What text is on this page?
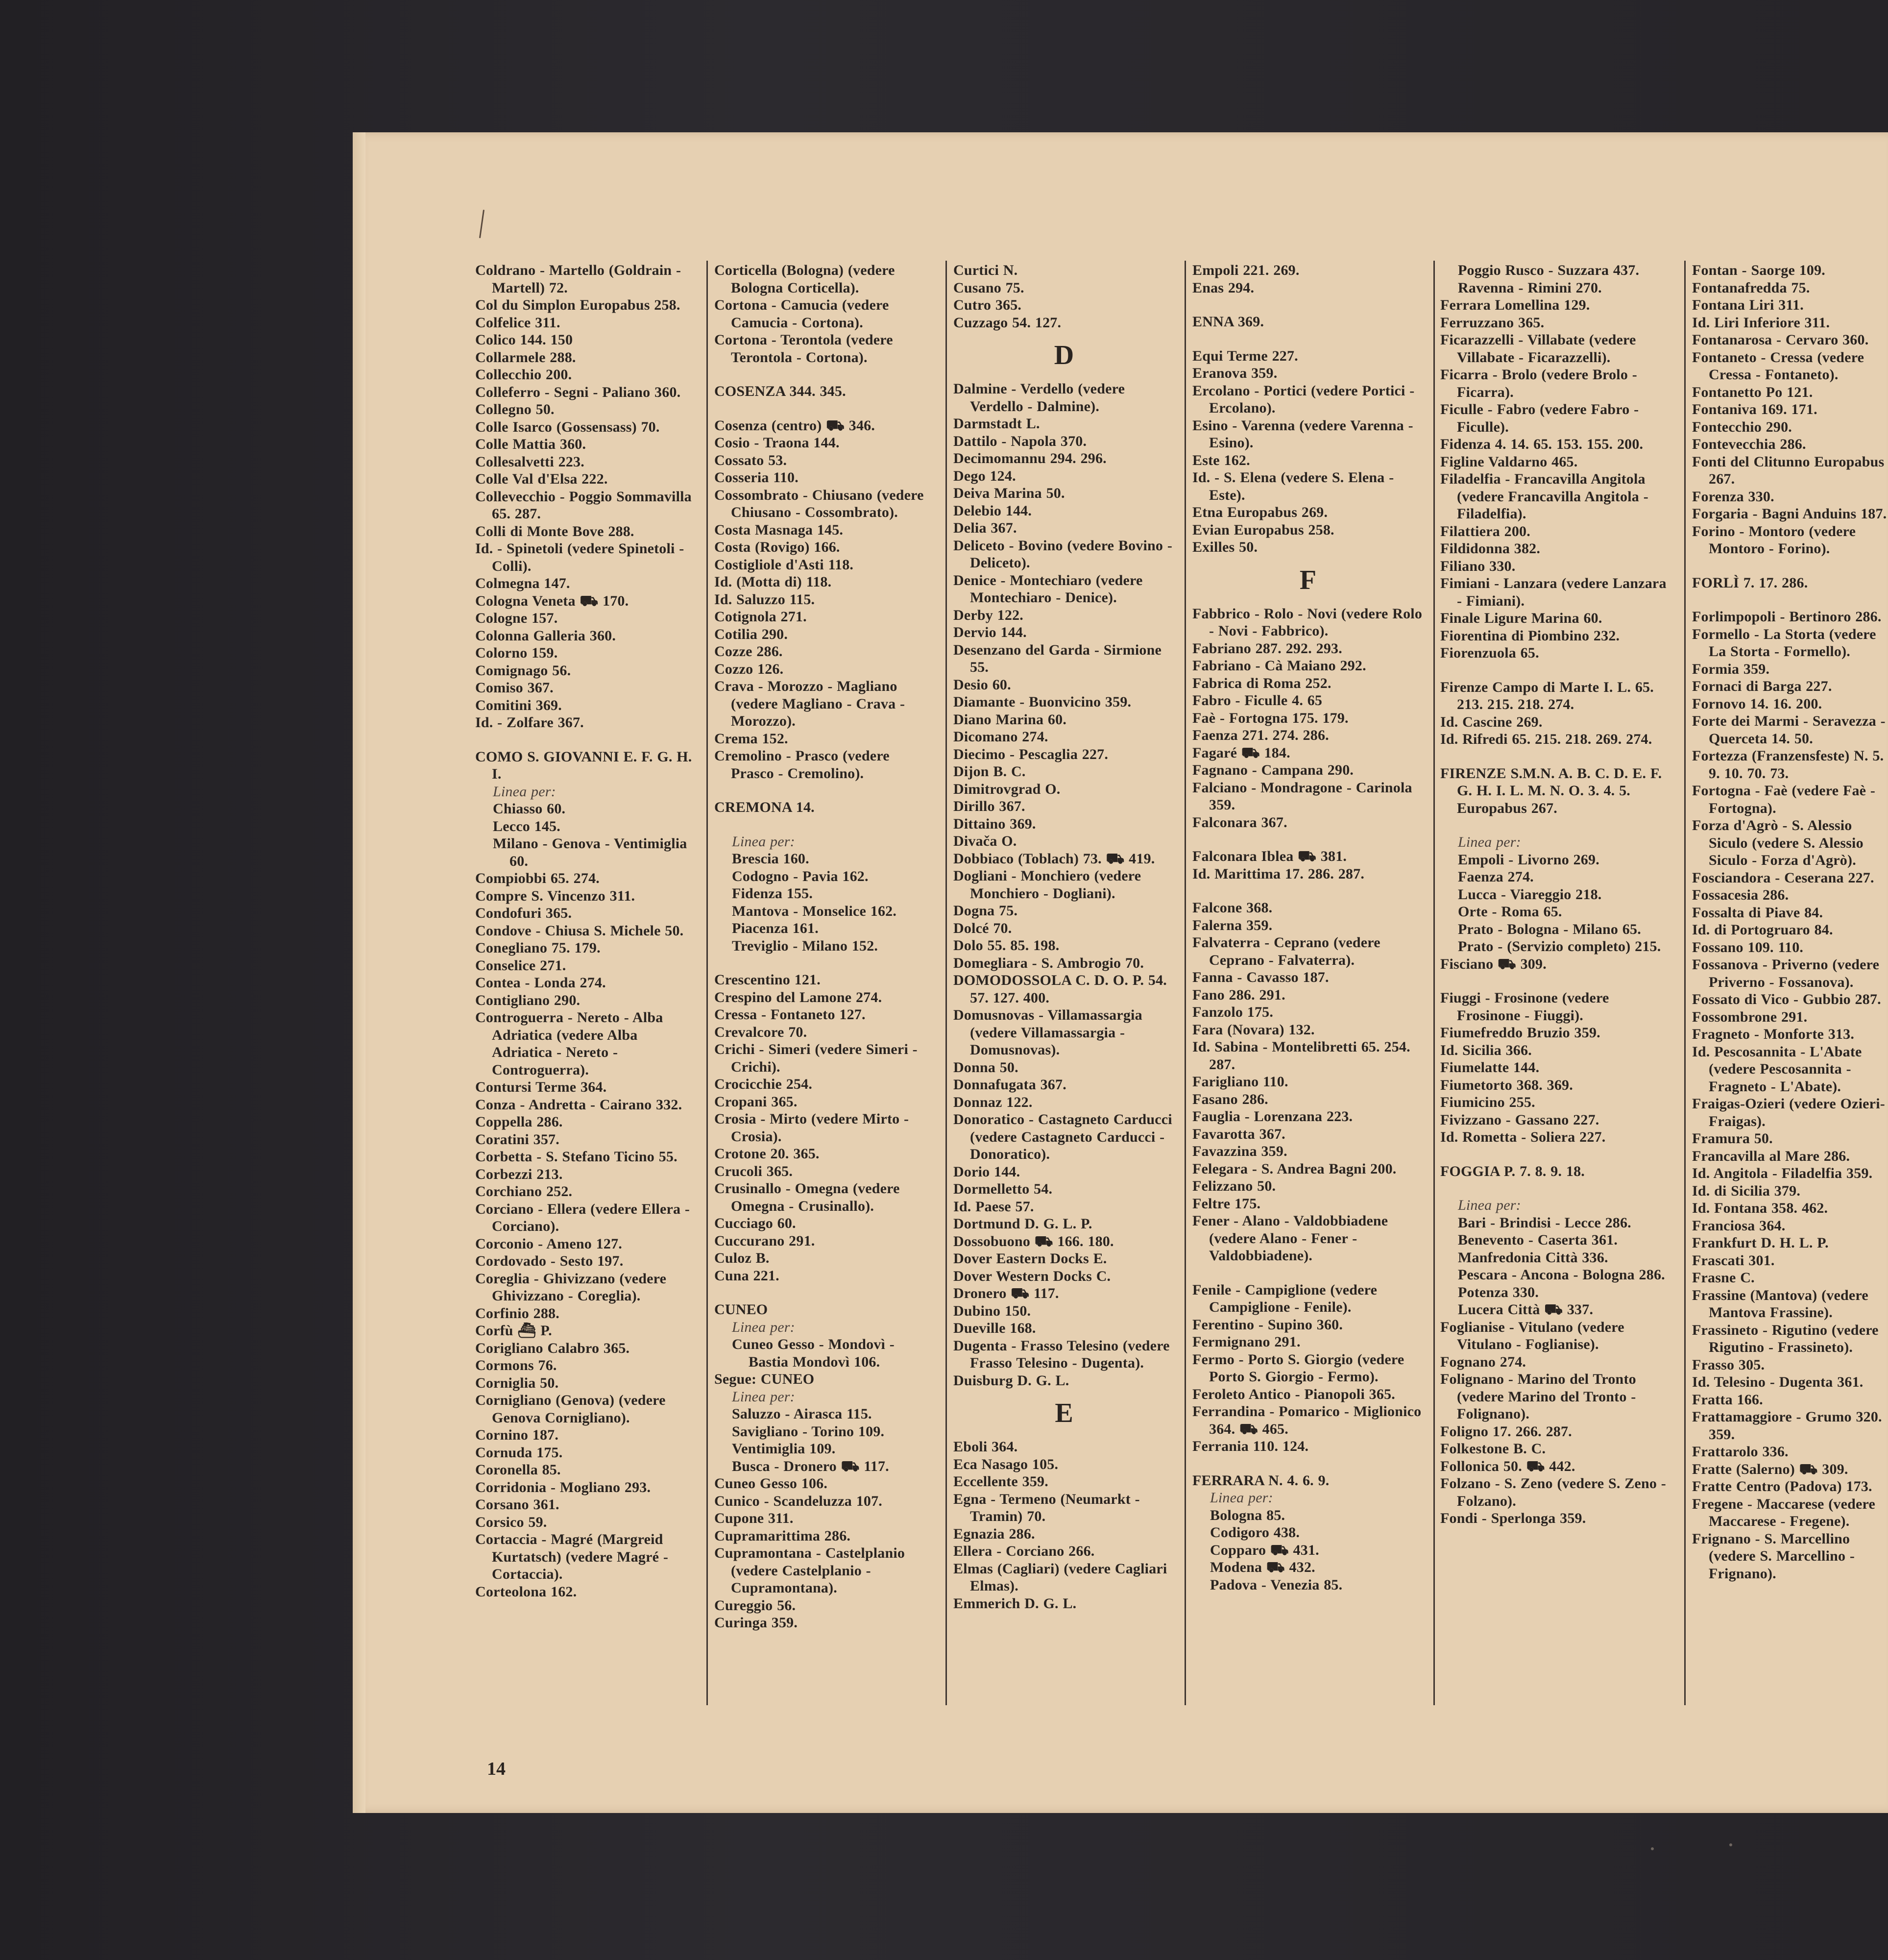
Coldrano - Martello (Goldrain - Martell) 72.
Col du Simplon Europabus 258.
Colfelice 311.
Colico 144. 150
Collarmele 288.
Collecchio 200.
Colleferro - Segni - Paliano 360.
Collegno 50.
Colle Isarco (Gossensass) 70.
Colle Mattia 360.
Collesalvetti 223.
Colle Val d'Elsa 222.
Collevecchio - Poggio Sommavilla 65. 287.
Colli di Monte Bove 288.
Id. - Spinetoli (vedere Spinetoli - Colli).
Colmegna 147.
Cologna Veneta ⛟ 170.
Cologne 157.
Colonna Galleria 360.
Colorno 159.
Comignago 56.
Comiso 367.
Comitini 369.
Id. - Zolfare 367.
COMO S. GIOVANNI E. F. G. H. I.
Linea per:
Chiasso 60.
Lecco 145.
Milano - Genova - Ventimiglia 60.
Compiobbi 65. 274.
Compre S. Vincenzo 311.
Condofuri 365.
Condove - Chiusa S. Michele 50.
Conegliano 75. 179.
Conselice 271.
Contea - Londa 274.
Contigliano 290.
Controguerra - Nereto - Alba Adriatica (vedere Alba Adriatica - Nereto - Controguerra).
Contursi Terme 364.
Conza - Andretta - Cairano 332.
Coppella 286.
Coratini 357.
Corbetta - S. Stefano Ticino 55.
Corbezzi 213.
Corchiano 252.
Corciano - Ellera (vedere Ellera - Corciano).
Corconio - Ameno 127.
Cordovado - Sesto 197.
Coreglia - Ghivizzano (vedere Ghivizzano - Coreglia).
Corfinio 288.
Corfù ⛴ P.
Corigliano Calabro 365.
Cormons 76.
Corniglia 50.
Cornigliano (Genova) (vedere Genova Cornigliano).
Cornino 187.
Cornuda 175.
Coronella 85.
Corridonia - Mogliano 293.
Corsano 361.
Corsico 59.
Cortaccia - Magré (Margreid Kurtatsch) (vedere Magré - Cortaccia).
Corteolona 162.
Corticella (Bologna) (vedere Bologna Corticella).
Cortona - Camucia (vedere Camucia - Cortona).
Cortona - Terontola (vedere Terontola - Cortona).
COSENZA 344. 345.
Cosenza (centro) ⛟ 346.
Cosio - Traona 144.
Cossato 53.
Cosseria 110.
Cossombrato - Chiusano (vedere Chiusano - Cossombrato).
Costa Masnaga 145.
Costa (Rovigo) 166.
Costigliole d'Asti 118.
Id. (Motta di) 118.
Id. Saluzzo 115.
Cotignola 271.
Cotilia 290.
Cozze 286.
Cozzo 126.
Crava - Morozzo - Magliano (vedere Magliano - Crava - Morozzo).
Crema 152.
Cremolino - Prasco (vedere Prasco - Cremolino).
CREMONA 14.
Linea per:
Brescia 160.
Codogno - Pavia 162.
Fidenza 155.
Mantova - Monselice 162.
Piacenza 161.
Treviglio - Milano 152.
Crescentino 121.
Crespino del Lamone 274.
Cressa - Fontaneto 127.
Crevalcore 70.
Crichi - Simeri (vedere Simeri - Crichi).
Crocicchie 254.
Cropani 365.
Crosia - Mirto (vedere Mirto - Crosia).
Crotone 20. 365.
Crucoli 365.
Crusinallo - Omegna (vedere Omegna - Crusinallo).
Cucciago 60.
Cuccurano 291.
Culoz B.
Cuna 221.
CUNEO
Linea per:
Cuneo Gesso - Mondovì - Bastia Mondovì 106.
Segue: CUNEO
Linea per:
Saluzzo - Airasca 115.
Savigliano - Torino 109.
Ventimiglia 109.
Busca - Dronero ⛟ 117.
Cuneo Gesso 106.
Cunico - Scandeluzza 107.
Cupone 311.
Cupramarittima 286.
Cupramontana - Castelplanio (vedere Castelplanio - Cupramontana).
Cureggio 56.
Curinga 359.
Curtici N.
Cusano 75.
Cutro 365.
Cuzzago 54. 127.
D
Dalmine - Verdello (vedere Verdello - Dalmine).
Darmstadt L.
Dattilo - Napola 370.
Decimomannu 294. 296.
Dego 124.
Deiva Marina 50.
Delebio 144.
Delia 367.
Deliceto - Bovino (vedere Bovino - Deliceto).
Denice - Montechiaro (vedere Montechiaro - Denice).
Derby 122.
Dervio 144.
Desenzano del Garda - Sirmione 55.
Desio 60.
Diamante - Buonvicino 359.
Diano Marina 60.
Dicomano 274.
Diecimo - Pescaglia 227.
Dijon B. C.
Dimitrovgrad O.
Dirillo 367.
Dittaino 369.
Divača O.
Dobbiaco (Toblach) 73. ⛟ 419.
Dogliani - Monchiero (vedere Monchiero - Dogliani).
Dogna 75.
Dolcé 70.
Dolo 55. 85. 198.
Domegliara - S. Ambrogio 70.
DOMODOSSOLA C. D. O. P. 54. 57. 127. 400.
Domusnovas - Villamassargia (vedere Villamassargia - Domusnovas).
Donna 50.
Donnafugata 367.
Donnaz 122.
Donoratico - Castagneto Carducci (vedere Castagneto Carducci - Donoratico).
Dorio 144.
Dormelletto 54.
Id. Paese 57.
Dortmund D. G. L. P.
Dossobuono ⛟ 166. 180.
Dover Eastern Docks E.
Dover Western Docks C.
Dronero ⛟ 117.
Dubino 150.
Dueville 168.
Dugenta - Frasso Telesino (vedere Frasso Telesino - Dugenta).
Duisburg D. G. L.
E
Eboli 364.
Eca Nasago 105.
Eccellente 359.
Egna - Termeno (Neumarkt - Tramin) 70.
Egnazia 286.
Ellera - Corciano 266.
Elmas (Cagliari) (vedere Cagliari Elmas).
Emmerich D. G. L.
Empoli 221. 269.
Enas 294.
ENNA 369.
Equi Terme 227.
Eranova 359.
Ercolano - Portici (vedere Portici - Ercolano).
Esino - Varenna (vedere Varenna - Esino).
Este 162.
Id. - S. Elena (vedere S. Elena - Este).
Etna Europabus 269.
Evian Europabus 258.
Exilles 50.
F
Fabbrico - Rolo - Novi (vedere Rolo - Novi - Fabbrico).
Fabriano 287. 292. 293.
Fabriano - Cà Maiano 292.
Fabrica di Roma 252.
Fabro - Ficulle 4. 65
Faè - Fortogna 175. 179.
Faenza 271. 274. 286.
Fagaré ⛟ 184.
Fagnano - Campana 290.
Falciano - Mondragone - Carinola 359.
Falconara 367.
Falconara Iblea ⛟ 381.
Id. Marittima 17. 286. 287.
Falcone 368.
Falerna 359.
Falvaterra - Ceprano (vedere Ceprano - Falvaterra).
Fanna - Cavasso 187.
Fano 286. 291.
Fanzolo 175.
Fara (Novara) 132.
Id. Sabina - Montelibretti 65. 254. 287.
Farigliano 110.
Fasano 286.
Fauglia - Lorenzana 223.
Favarotta 367.
Favazzina 359.
Felegara - S. Andrea Bagni 200.
Felizzano 50.
Feltre 175.
Fener - Alano - Valdobbiadene (vedere Alano - Fener - Valdobbiadene).
Fenile - Campiglione (vedere Campiglione - Fenile).
Ferentino - Supino 360.
Fermignano 291.
Fermo - Porto S. Giorgio (vedere Porto S. Giorgio - Fermo).
Feroleto Antico - Pianopoli 365.
Ferrandina - Pomarico - Miglionico 364. ⛟ 465.
Ferrania 110. 124.
FERRARA N. 4. 6. 9.
Linea per:
Bologna 85.
Codigoro 438.
Copparo ⛟ 431.
Modena ⛟ 432.
Padova - Venezia 85.
Poggio Rusco - Suzzara 437.
Ravenna - Rimini 270.
Ferrara Lomellina 129.
Ferruzzano 365.
Ficarazzelli - Villabate (vedere Villabate - Ficarazzelli).
Ficarra - Brolo (vedere Brolo - Ficarra).
Ficulle - Fabro (vedere Fabro - Ficulle).
Fidenza 4. 14. 65. 153. 155. 200.
Figline Valdarno 465.
Filadelfia - Francavilla Angitola (vedere Francavilla Angitola - Filadelfia).
Filattiera 200.
Fildidonna 382.
Filiano 330.
Fimiani - Lanzara (vedere Lanzara - Fimiani).
Finale Ligure Marina 60.
Fiorentina di Piombino 232.
Fiorenzuola 65.
Firenze Campo di Marte I. L. 65. 213. 215. 218. 274.
Id. Cascine 269.
Id. Rifredi 65. 215. 218. 269. 274.
FIRENZE S.M.N. A. B. C. D. E. F. G. H. I. L. M. N. O. 3. 4. 5. Europabus 267.
Linea per:
Empoli - Livorno 269.
Faenza 274.
Lucca - Viareggio 218.
Orte - Roma 65.
Prato - Bologna - Milano 65.
Prato - (Servizio completo) 215.
Fisciano ⛟ 309.
Fiuggi - Frosinone (vedere Frosinone - Fiuggi).
Fiumefreddo Bruzio 359.
Id. Sicilia 366.
Fiumelatte 144.
Fiumetorto 368. 369.
Fiumicino 255.
Fivizzano - Gassano 227.
Id. Rometta - Soliera 227.
FOGGIA P. 7. 8. 9. 18.
Linea per:
Bari - Brindisi - Lecce 286.
Benevento - Caserta 361.
Manfredonia Città 336.
Pescara - Ancona - Bologna 286.
Potenza 330.
Lucera Città ⛟ 337.
Foglianise - Vitulano (vedere Vitulano - Foglianise).
Fognano 274.
Folignano - Marino del Tronto (vedere Marino del Tronto - Folignano).
Foligno 17. 266. 287.
Folkestone B. C.
Follonica 50. ⛟ 442.
Folzano - S. Zeno (vedere S. Zeno - Folzano).
Fondi - Sperlonga 359.
Fontan - Saorge 109.
Fontanafredda 75.
Fontana Liri 311.
Id. Liri Inferiore 311.
Fontanarosa - Cervaro 360.
Fontaneto - Cressa (vedere Cressa - Fontaneto).
Fontanetto Po 121.
Fontaniva 169. 171.
Fontecchio 290.
Fontevecchia 286.
Fonti del Clitunno Europabus 267.
Forenza 330.
Forgaria - Bagni Anduins 187.
Forino - Montoro (vedere Montoro - Forino).
FORLÌ 7. 17. 286.
Forlimpopoli - Bertinoro 286.
Formello - La Storta (vedere La Storta - Formello).
Formia 359.
Fornaci di Barga 227.
Fornovo 14. 16. 200.
Forte dei Marmi - Seravezza - Querceta 14. 50.
Fortezza (Franzensfeste) N. 5. 9. 10. 70. 73.
Fortogna - Faè (vedere Faè - Fortogna).
Forza d'Agrò - S. Alessio Siculo (vedere S. Alessio Siculo - Forza d'Agrò).
Fosciandora - Ceserana 227.
Fossacesia 286.
Fossalta di Piave 84.
Id. di Portogruaro 84.
Fossano 109. 110.
Fossanova - Priverno (vedere Priverno - Fossanova).
Fossato di Vico - Gubbio 287.
Fossombrone 291.
Fragneto - Monforte 313.
Id. Pescosannita - L'Abate (vedere Pescosannita - Fragneto - L'Abate).
Fraigas-Ozieri (vedere Ozieri-Fraigas).
Framura 50.
Francavilla al Mare 286.
Id. Angitola - Filadelfia 359.
Id. di Sicilia 379.
Id. Fontana 358. 462.
Franciosa 364.
Frankfurt D. H. L. P.
Frascati 301.
Frasne C.
Frassine (Mantova) (vedere Mantova Frassine).
Frassineto - Rigutino (vedere Rigutino - Frassineto).
Frasso 305.
Id. Telesino - Dugenta 361.
Fratta 166.
Frattamaggiore - Grumo 320. 359.
Frattarolo 336.
Fratte (Salerno) ⛟ 309.
Fratte Centro (Padova) 173.
Fregene - Maccarese (vedere Maccarese - Fregene).
Frignano - S. Marcellino (vedere S. Marcellino - Frignano).
14
